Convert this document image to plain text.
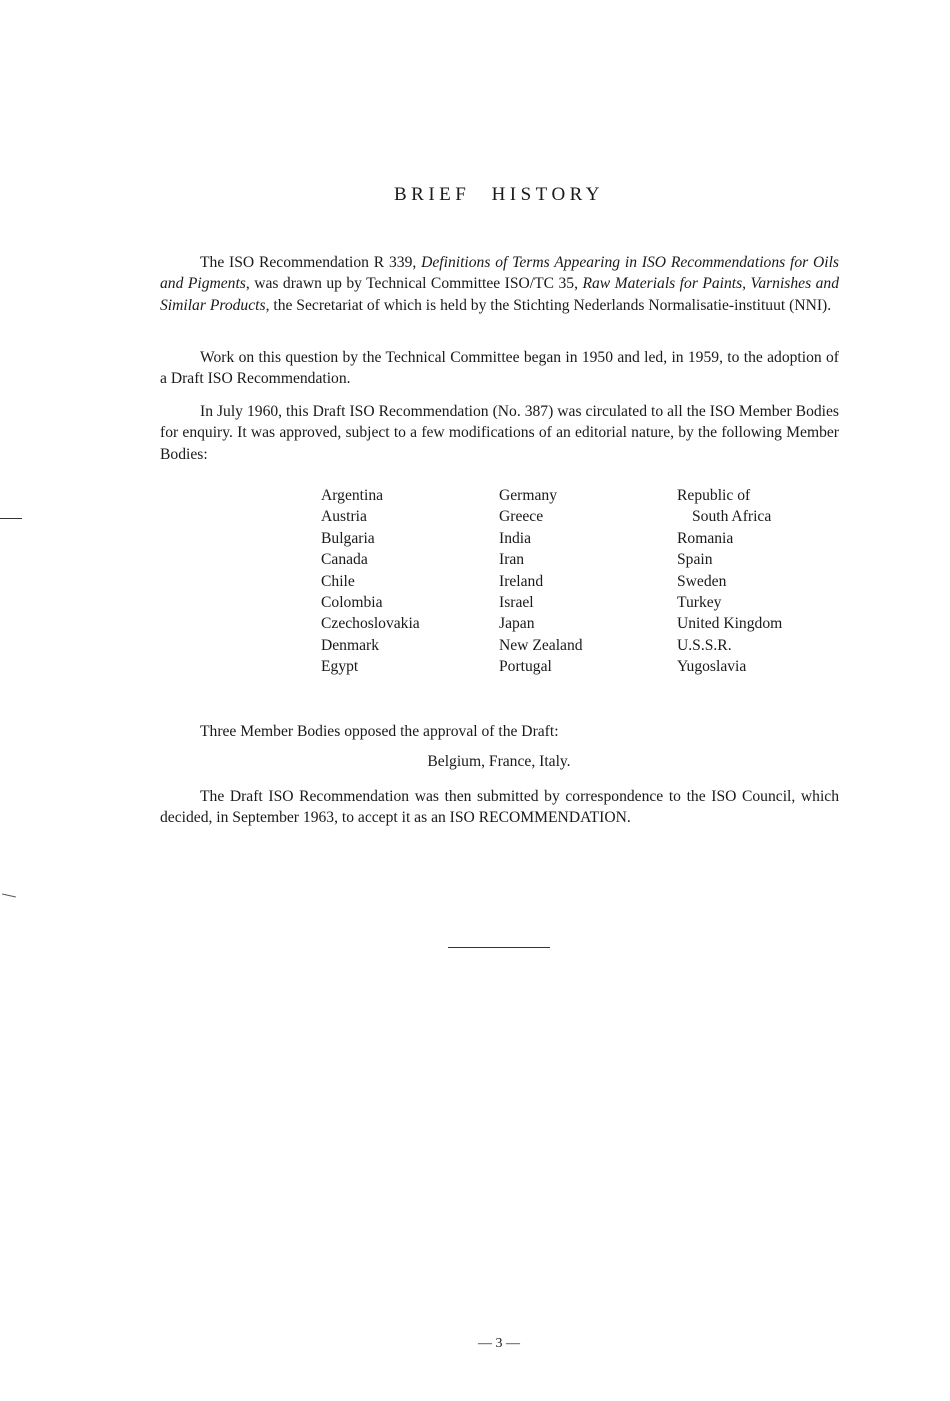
BRIEF HISTORY

The ISO Recommendation R 339, Definitions of Terms Appearing in ISO Recommendations for Oils and Pigments, was drawn up by Technical Committee ISO/TC 35, Raw Materials for Paints, Varnishes and Similar Products, the Secretariat of which is held by the Stichting Nederlands Normalisatie-instituut (NNI).

Work on this question by the Technical Committee began in 1950 and led, in 1959, to the adoption of a Draft ISO Recommendation.

In July 1960, this Draft ISO Recommendation (No. 387) was circulated to all the ISO Member Bodies for enquiry. It was approved, subject to a few modifications of an editorial nature, by the following Member Bodies:

Argentina
Austria
Bulgaria
Canada
Chile
Colombia
Czechoslovakia
Denmark
Egypt
Germany
Greece
India
Iran
Ireland
Israel
Japan
New Zealand
Portugal
Republic of
South Africa
Romania
Spain
Sweden
Turkey
United Kingdom
U.S.S.R.
Yugoslavia

Three Member Bodies opposed the approval of the Draft:

Belgium, France, Italy.

The Draft ISO Recommendation was then submitted by correspondence to the ISO Council, which decided, in September 1963, to accept it as an ISO RECOMMENDATION.

— 3 —
